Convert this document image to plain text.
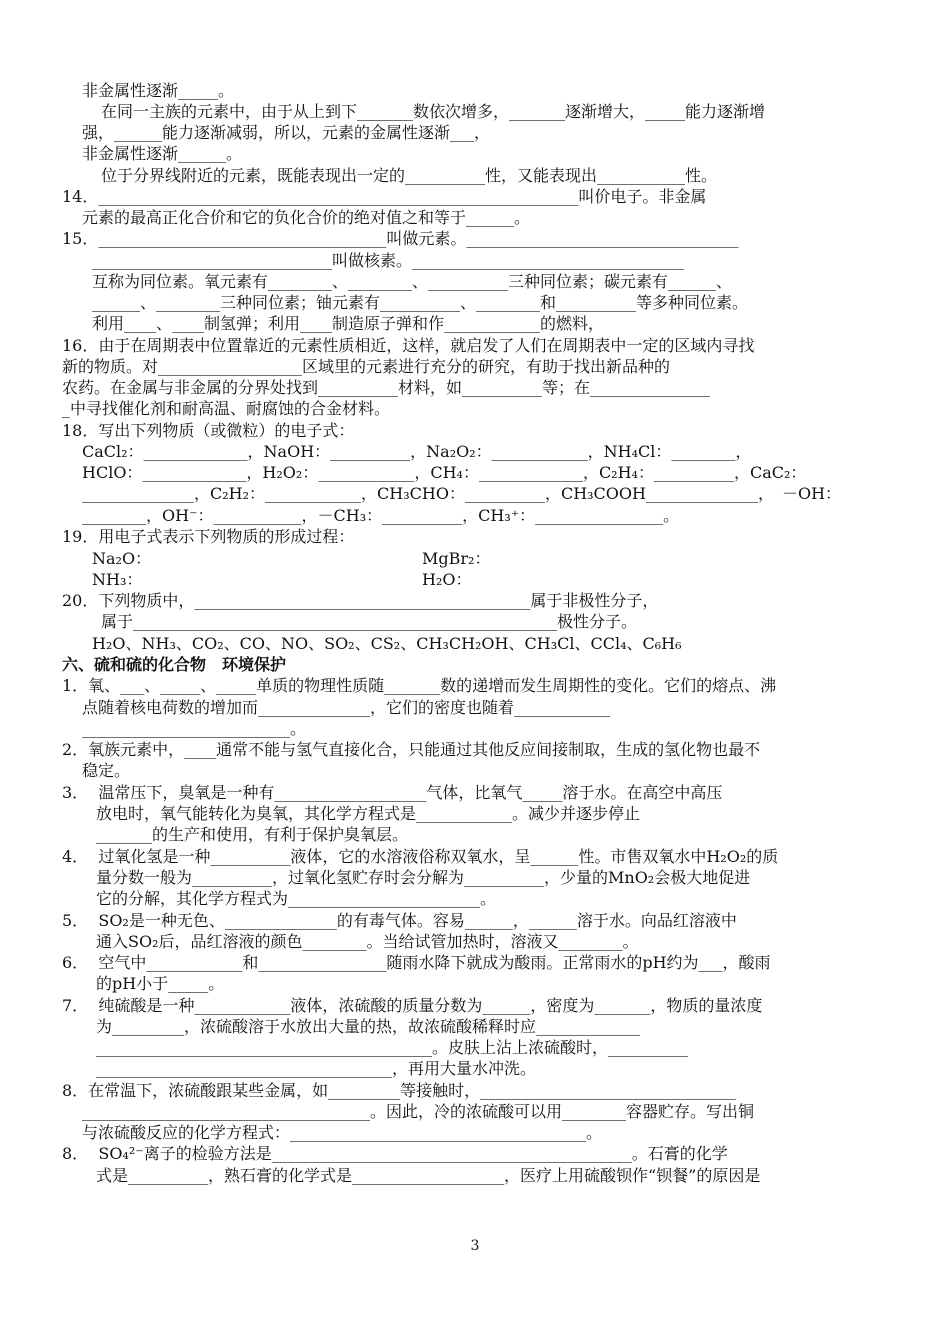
非金属性逐渐_____。
在同一主族的元素中，由于从上到下_______数依次增多，_______逐渐增大，_____能力逐渐增
强，______能力逐渐减弱，所以，元素的金属性逐渐___，
非金属性逐渐______。
位于分界线附近的元素，既能表现出一定的__________性，又能表现出___________性。
14．____________________________________________________________叫价电子。非金属
元素的最高正化合价和它的负化合价的绝对值之和等于______。
15．____________________________________叫做元素。__________________________________
______________________________叫做核素。__________________________________
互称为同位素。氧元素有________、________、__________三种同位素；碳元素有______、
______、________三种同位素；铀元素有__________、________和__________等多种同位素。
利用____、____制氢弹；利用____制造原子弹和作____________的燃料，
16．由于在周期表中位置靠近的元素性质相近，这样，就启发了人们在周期表中一定的区域内寻找
新的物质。对__________________区域里的元素进行充分的研究，有助于找出新品种的
农药。在金属与非金属的分界处找到__________材料，如__________等；在_______________
_中寻找催化剂和耐高温、耐腐蚀的合金材料。
18．写出下列物质（或微粒）的电子式：
CaCl₂：_____________，NaOH：__________，Na₂O₂：____________，NH₄Cl：________，
HClO：_____________，H₂O₂：____________，CH₄：_____________，C₂H₄：__________，CaC₂：
______________，C₂H₂：____________，CH₃CHO：__________，CH₃COOH______________，　－OH：
________，OH⁻：___________，－CH₃：__________，CH₃⁺：________________。
19．用电子式表示下列物质的形成过程：
Na₂O：	MgBr₂：
NH₃：	H₂O：
20．下列物质中，__________________________________________属于非极性分子，
属于_____________________________________________________极性分子。
H₂O、NH₃、CO₂、CO、NO、SO₂、CS₂、CH₃CH₂OH、CH₃Cl、CCl₄、C₆H₆
六、硫和硫的化合物　环境保护
1．氧、___、_____、_____单质的物理性质随_______数的递增而发生周期性的变化。它们的熔点、沸
点随着核电荷数的增加而______________，它们的密度也随着____________
__________________________。
2．氧族元素中，____通常不能与氢气直接化合，只能通过其他反应间接制取，生成的氢化物也最不
稳定。
3．  温常压下，臭氧是一种有___________________气体，比氧气_____溶于水。在高空中高压
放电时，氧气能转化为臭氧，其化学方程式是____________。减少并逐步停止
_______的生产和使用，有利于保护臭氧层。
4．  过氧化氢是一种__________液体，它的水溶液俗称双氧水，呈______性。市售双氧水中H₂O₂的质
量分数一般为__________，过氧化氢贮存时会分解为__________，少量的MnO₂会极大地促进
它的分解，其化学方程式为________________________。
5．  SO₂是一种无色、______________的有毒气体。容易______，______溶于水。向品红溶液中
通入SO₂后，品红溶液的颜色________。当给试管加热时，溶液又________。
6．  空气中____________和________________随雨水降下就成为酸雨。正常雨水的pH约为___，酸雨
的pH小于_____。
7．  纯硫酸是一种____________液体，浓硫酸的质量分数为______，密度为_______，物质的量浓度
为_________，浓硫酸溶于水放出大量的热，故浓硫酸稀释时应_____________
__________________________________________。皮肤上沾上浓硫酸时，__________
_____________________________________，再用大量水冲洗。
8．在常温下，浓硫酸跟某些金属，如_________等接触时，________________________________
____________________________________。因此，冷的浓硫酸可以用________容器贮存。写出铜
与浓硫酸反应的化学方程式：_____________________________________。
8．  SO₄²⁻离子的检验方法是_____________________________________________。石膏的化学
式是__________，熟石膏的化学式是___________________，医疗上用硫酸钡作“钡餐”的原因是
3
